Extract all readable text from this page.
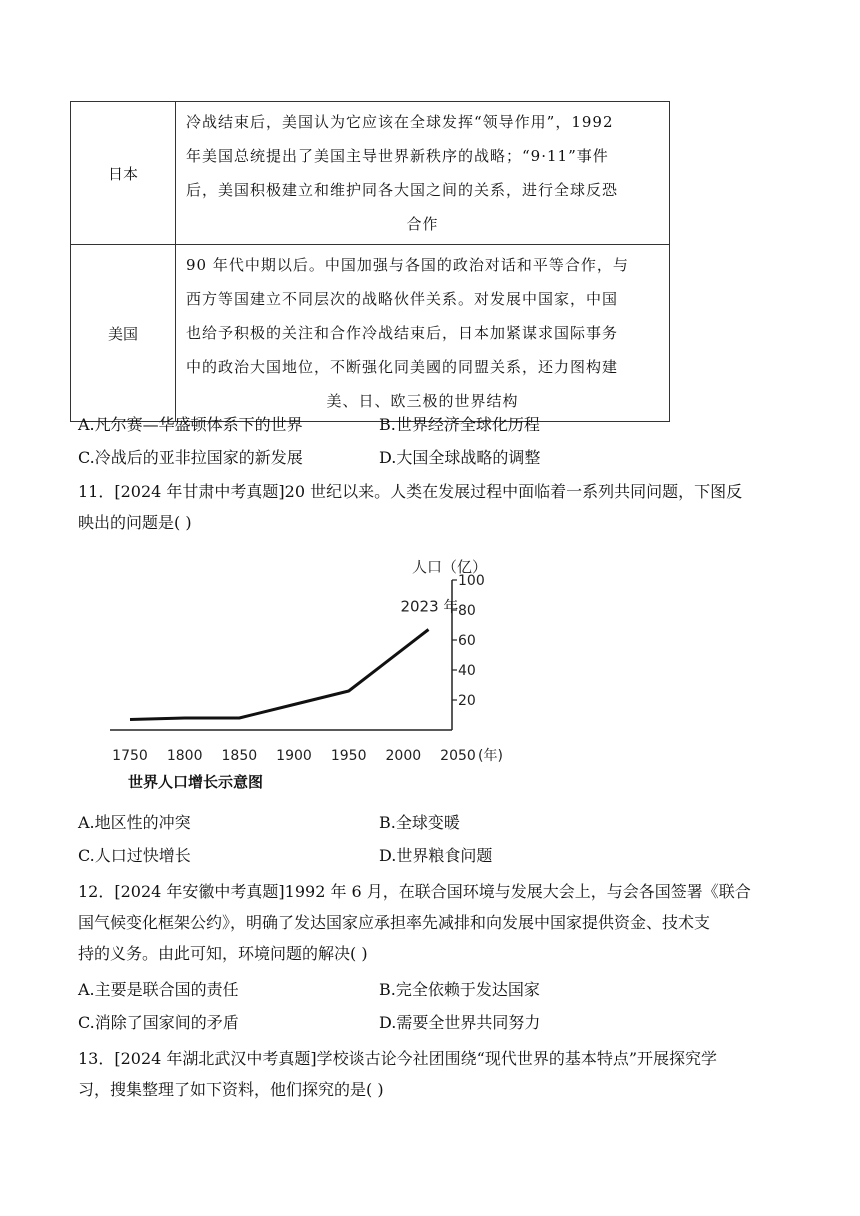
日本	冷战结束后，美国认为它应该在全球发挥“领导作用”，1992
年美国总统提出了美国主导世界新秩序的战略；“9·11”事件
后，美国积极建立和维护同各大国之间的关系，进行全球反恐
合作

美国	90 年代中期以后。中国加强与各国的政治对话和平等合作，与
西方等国建立不同层次的战略伙伴关系。对发展中国家，中国
也给予积极的关注和合作冷战结束后，日本加紧谋求国际事务
中的政治大国地位，不断强化同美國的同盟关系，还力图构建
美、日、欧三极的世界结构
A.凡尔赛—华盛顿体系下的世界	B.世界经济全球化历程
C.冷战后的亚非拉国家的新发展	D.大国全球战略的调整
11．[2024 年甘肃中考真题]20 世纪以来。人类在发展过程中面临着一系列共同问题，下图反
映出的问题是( )
20
40
60
80
100
1750 1800 1850 1900 1950 2000 2050 (年)
人口（亿）
2023 年
世界人口增长示意图
A.地区性的冲突	B.全球变暖
C.人口过快增长	D.世界粮食问题
12．[2024 年安徽中考真题]1992 年 6 月，在联合国环境与发展大会上，与会各国签署《联合
国气候变化框架公约》，明确了发达国家应承担率先减排和向发展中国家提供资金、技术支
持的义务。由此可知，环境问题的解决( )
A.主要是联合国的责任	B.完全依赖于发达国家
C.消除了国家间的矛盾	D.需要全世界共同努力
13．[2024 年湖北武汉中考真题]学校谈古论今社团围绕“现代世界的基本特点”开展探究学
习，搜集整理了如下资料，他们探究的是( )
